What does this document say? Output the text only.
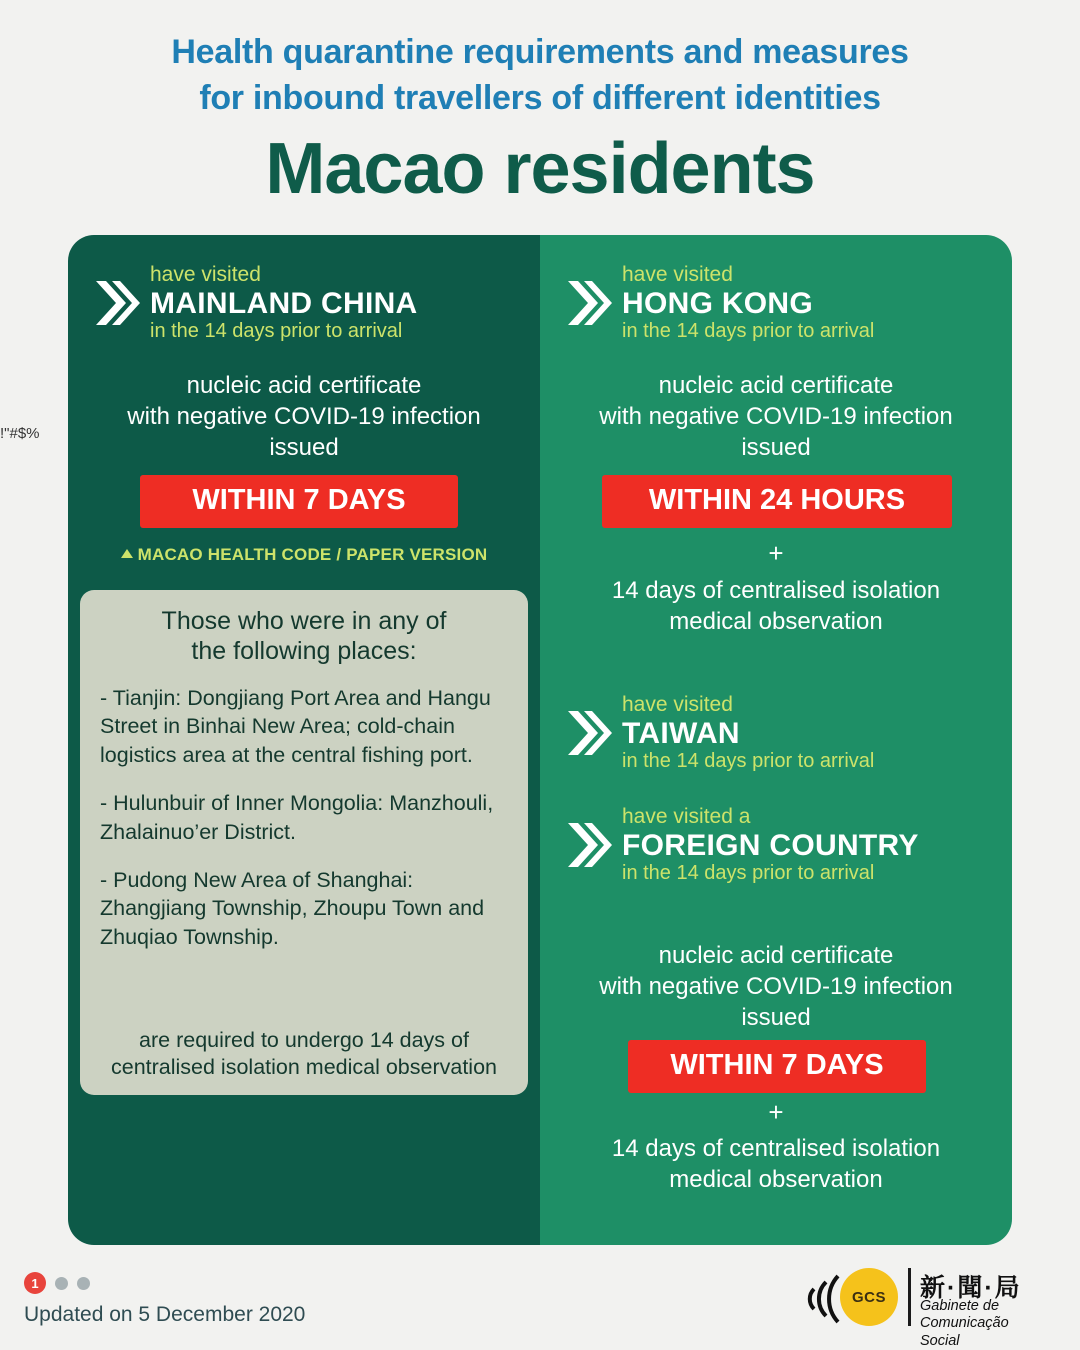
Health quarantine requirements and measures
for inbound travellers of different identities
Macao residents
!"#$%
have visited
MAINLAND CHINA
in the 14 days prior to arrival
nucleic acid certificate
with negative COVID-19 infection
issued
WITHIN 7 DAYS
MACAO HEALTH CODE / PAPER VERSION
Those who were in any of
the following places:
- Tianjin: Dongjiang Port Area and Hangu Street in Binhai New Area; cold-chain logistics area at the central fishing port.
- Hulunbuir of Inner Mongolia: Manzhouli, Zhalainuo’er District.
- Pudong New Area of Shanghai: Zhangjiang Township, Zhoupu Town and Zhuqiao Township.
are required to undergo 14 days of
centralised isolation medical observation
have visited
HONG KONG
in the 14 days prior to arrival
nucleic acid certificate
with negative COVID-19 infection
issued
WITHIN 24 HOURS
+
14 days of centralised isolation
medical observation
have visited
TAIWAN
in the 14 days prior to arrival
have visited a
FOREIGN COUNTRY
in the 14 days prior to arrival
nucleic acid certificate
with negative COVID-19 infection
issued
WITHIN 7 DAYS
+
14 days of centralised isolation
medical observation
1
Updated on 5 December 2020
GCS 新·聞·局
Gabinete de
Comunicação Social
